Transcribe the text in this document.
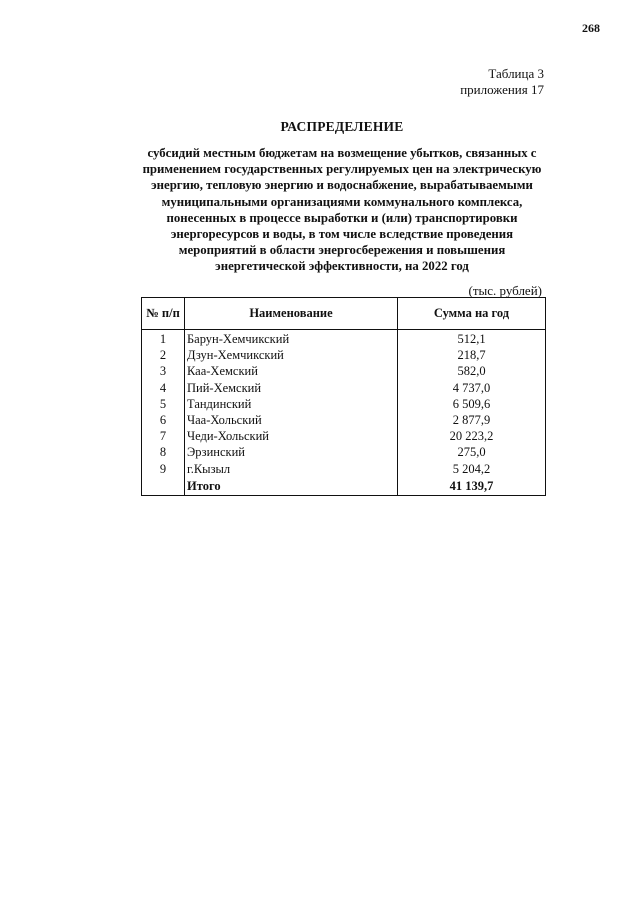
268
Таблица 3
приложения 17
РАСПРЕДЕЛЕНИЕ
субсидий местным бюджетам на возмещение убытков, связанных с
применением государственных регулируемых цен на электрическую
энергию, тепловую энергию и водоснабжение, вырабатываемыми
муниципальными организациями коммунального комплекса,
понесенных в процессе выработки и (или) транспортировки
энергоресурсов и воды, в том числе вследствие проведения
мероприятий в области энергосбережения и повышения
энергетической эффективности, на 2022 год
(тыс. рублей)
№ п/п	Наименование	Сумма на год
1	Барун-Хемчикский	512,1
2	Дзун-Хемчикский	218,7
3	Каа-Хемский	582,0
4	Пий-Хемский	4 737,0
5	Тандинский	6 509,6
6	Чаа-Хольский	2 877,9
7	Чеди-Хольский	20 223,2
8	Эрзинский	275,0
9	г.Кызыл	5 204,2
	Итого	41 139,7
